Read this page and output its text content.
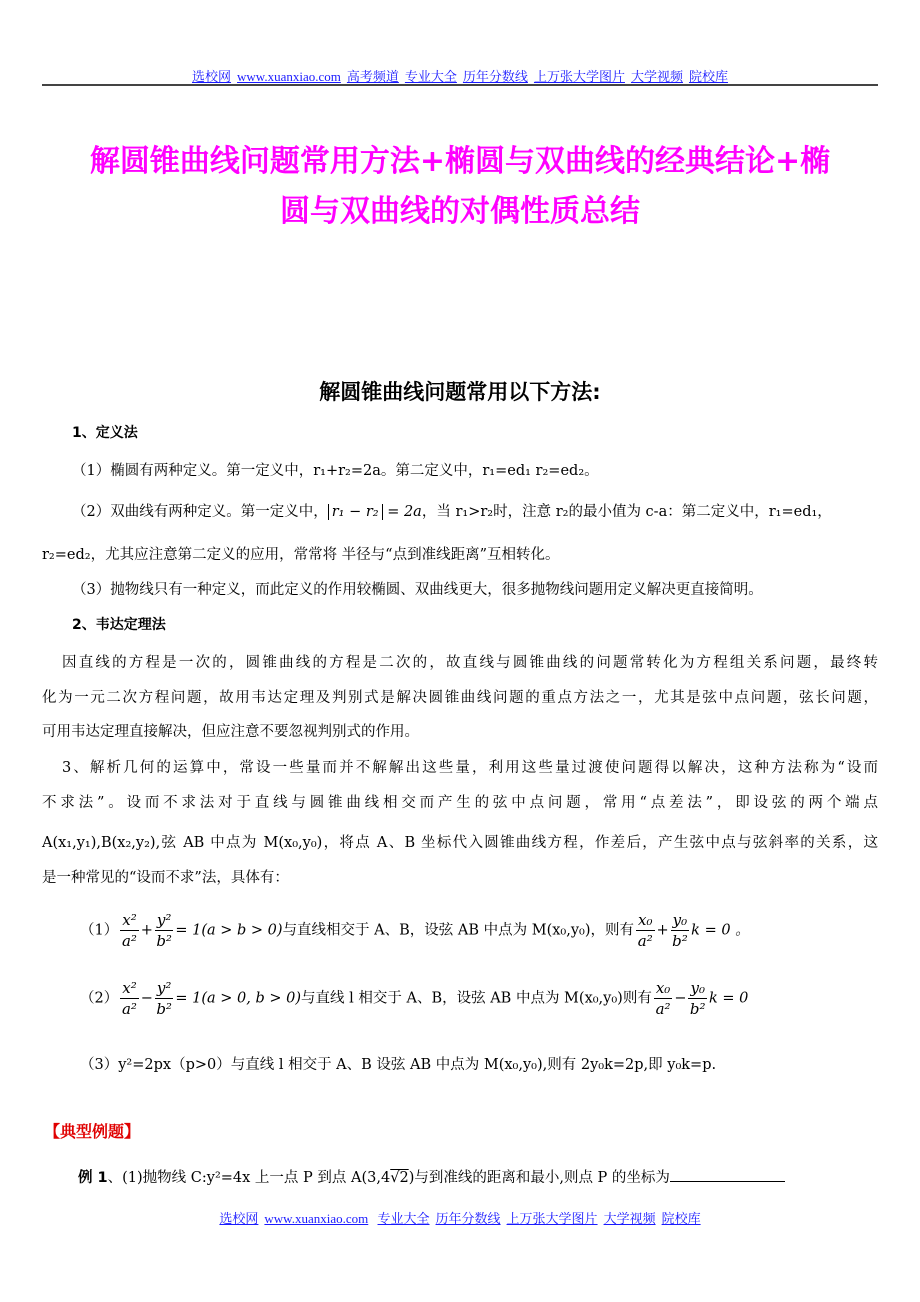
选校网 www.xuanxiao.com 高考频道 专业大全 历年分数线 上万张大学图片 大学视频 院校库
解圆锥曲线问题常用方法+椭圆与双曲线的经典结论+椭
圆与双曲线的对偶性质总结
解圆锥曲线问题常用以下方法:
1、定义法
（1）椭圆有两种定义。第一定义中，r₁+r₂=2a。第二定义中，r₁=ed₁ r₂=ed₂。
（2）双曲线有两种定义。第一定义中， r₁ − r₂ = 2a，当 r₁>r₂时，注意 r₂的最小值为 c-a：第二定义中，r₁=ed₁，
r₂=ed₂，尤其应注意第二定义的应用，常常将 半径与“点到准线距离”互相转化。
（3）抛物线只有一种定义，而此定义的作用较椭圆、双曲线更大，很多抛物线问题用定义解决更直接简明。
2、韦达定理法
因直线的方程是一次的，圆锥曲线的方程是二次的，故直线与圆锥曲线的问题常转化为方程组关系问题，最终转
化为一元二次方程问题，故用韦达定理及判别式是解决圆锥曲线问题的重点方法之一，尤其是弦中点问题，弦长问题，
可用韦达定理直接解决，但应注意不要忽视判别式的作用。
3、解析几何的运算中，常设一些量而并不解解出这些量，利用这些量过渡使问题得以解决，这种方法称为“设而
不求法”。设而不求法对于直线与圆锥曲线相交而产生的弦中点问题，常用“点差法”，即设弦的两个端点
A(x₁,y₁),B(x₂,y₂),弦 AB 中点为 M(x₀,y₀)，将点 A、B 坐标代入圆锥曲线方程，作差后，产生弦中点与弦斜率的关系，这
是一种常见的“设而不求”法，具体有：
$(1) \frac{\text{x²}}{\text{a²}} + \frac{\text{y²}}{\text{b²}} = 1(a > b > 0)$与直线相交于 A、B，设弦 AB 中点为 M(x₀,y₀)，则有 $\frac{\text{x₀}}{\text{a²}} + \frac{\text{y₀}}{\text{b²}}$ k = 0 。
$(2) \frac{\text{x²}}{\text{a²}} - \frac{\text{y²}}{\text{b²}} = 1(a > 0$, b > 0)与直线 l 相交于 A、B，设弦 AB 中点为 M(x₀,y₀)则有 $\frac{\text{x₀}}{\text{a²}} - \frac{\text{y₀}}{\text{b²}}$ k = 0
（3）y²=2px（p>0）与直线 l 相交于 A、B 设弦 AB 中点为 M(x₀,y₀),则有 2y₀k=2p,即 y₀k=p.
【典型例题】
例 1、(1)抛物线 C:y²=4x 上一点 P 到点 A(3,4√2)与到准线的距离和最小,则点 P 的坐标为
选校网 www.xuanxiao.com 专业大全 历年分数线 上万张大学图片 大学视频 院校库
